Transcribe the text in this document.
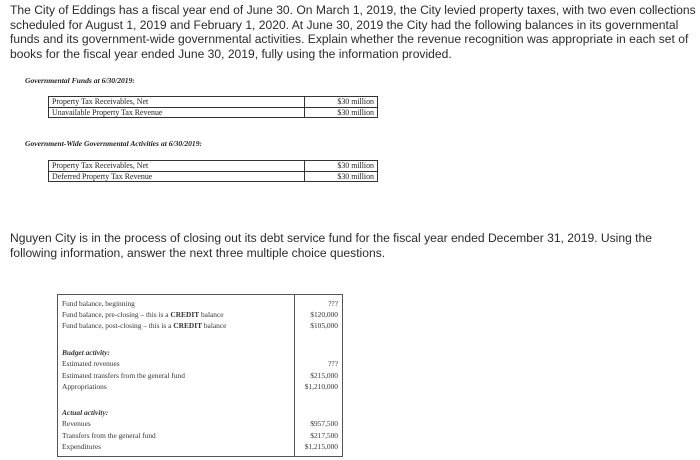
The City of Eddings has a fiscal year end of June 30. On March 1, 2019, the City levied property taxes, with two even collections scheduled for August 1, 2019 and February 1, 2020. At June 30, 2019 the City had the following balances in its governmental funds and its government-wide governmental activities. Explain whether the revenue recognition was appropriate in each set of books for the fiscal year ended June 30, 2019, fully using the information provided.
Governmental Funds at 6/30/2019:
Property Tax Receivables, Net	$30 million
Unavailable Property Tax Revenue	$30 million
Government-Wide Governmental Activities at 6/30/2019:
Property Tax Receivables, Net	$30 million
Deferred Property Tax Revenue	$30 million
Nguyen City is in the process of closing out its debt service fund for the fiscal year ended December 31, 2019. Using the following information, answer the next three multiple choice questions.
Fund balance, beginning	???
Fund balance, pre-closing – this is a CREDIT balance	$120,000
Fund balance, post-closing – this is a CREDIT balance	$105,000
Budget activity:
Estimated revenues	???
Estimated transfers from the general fund	$215,000
Appropriations	$1,210,000
Actual activity:
Revenues	$957,500
Transfers from the general fund	$217,500
Expenditures	$1,215,000
